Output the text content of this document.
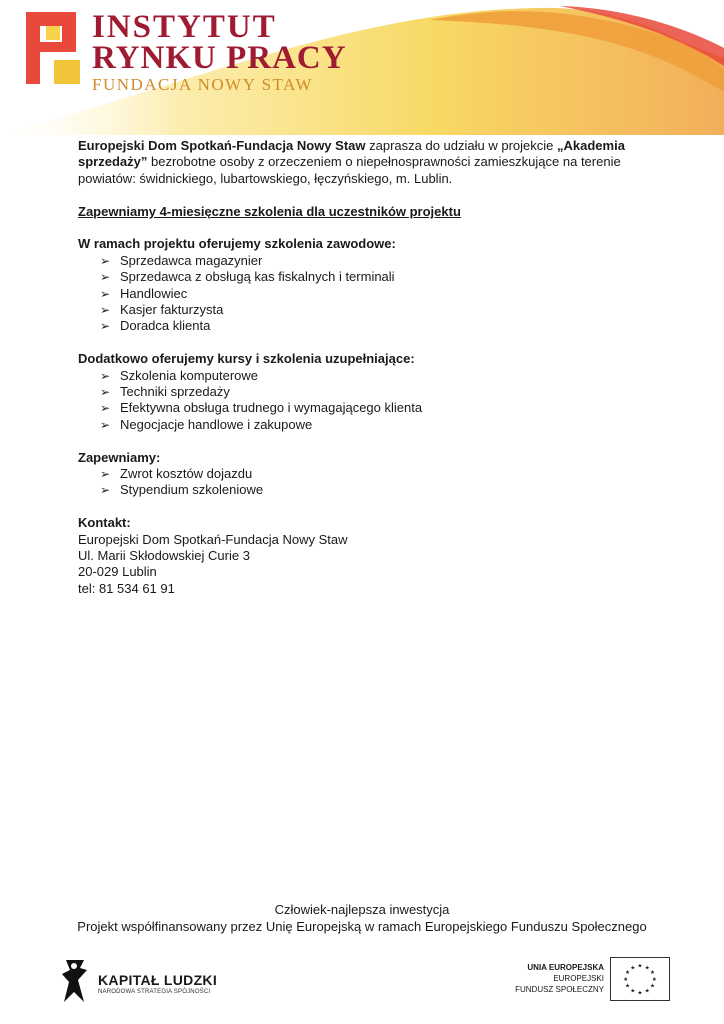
INSTYTUT
RYNKU PRACY
FUNDACJA NOWY STAW

Europejski Dom Spotkań-Fundacja Nowy Staw zaprasza do udziału w projekcie „Akademia sprzedaży” bezrobotne osoby z orzeczeniem o niepełnosprawności zamieszkujące na terenie powiatów: świdnickiego, lubartowskiego, łęczyńskiego, m. Lublin.

Zapewniamy 4-miesięczne szkolenia dla uczestników projektu

W ramach projektu oferujemy szkolenia zawodowe:

➢ Sprzedawca magazynier
➢ Sprzedawca z obsługą kas fiskalnych i terminali
➢ Handlowiec
➢ Kasjer fakturzysta
➢ Doradca klienta

Dodatkowo oferujemy kursy i szkolenia uzupełniające:

➢ Szkolenia komputerowe
➢ Techniki sprzedaży
➢ Efektywna obsługa trudnego i wymagającego klienta
➢ Negocjacje handlowe i zakupowe

Zapewniamy:

➢ Zwrot kosztów dojazdu
➢ Stypendium szkoleniowe

Kontakt:

Europejski Dom Spotkań-Fundacja Nowy Staw

Ul. Marii Skłodowskiej Curie 3

20-029 Lublin

tel: 81 534 61 91

Człowiek-najlepsza inwestycja
Projekt współfinansowany przez Unię Europejską w ramach Europejskiego Funduszu Społecznego
KAPITAŁ LUDZKI
NARODOWA STRATEGIA SPÓJNOŚCI
UNIA EUROPEJSKA
EUROPEJSKI
FUNDUSZ SPOŁECZNY
★ ★
★
★
★
★
★
★
★
★
★
★
